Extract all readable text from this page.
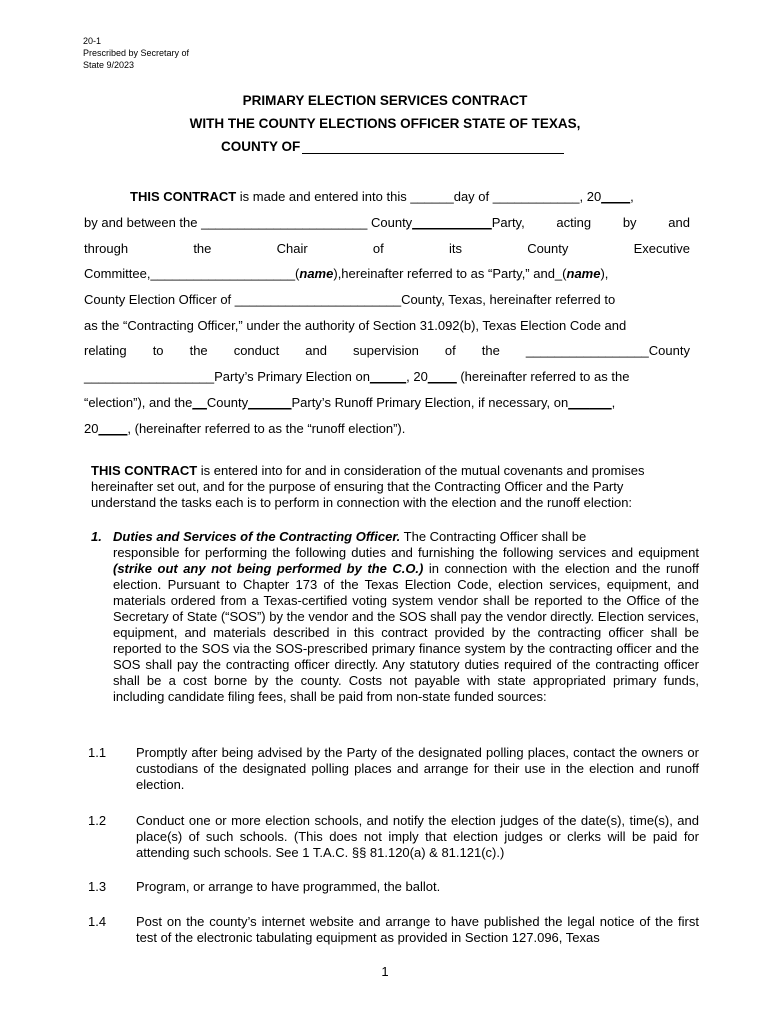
20-1
Prescribed by Secretary of
State 9/2023
PRIMARY ELECTION SERVICES CONTRACT
WITH THE COUNTY ELECTIONS OFFICER STATE OF TEXAS,
COUNTY OF
THIS CONTRACT is made and entered into this ______day of ____________, 20____,
by and between the _______________________ County___________Party, acting by and
through	the	Chair	of	its	County	Executive
Committee,____________________(name),hereinafter referred to as “Party,” and_(name),
County Election Officer of _______________________County, Texas, hereinafter referred to
as the “Contracting Officer,” under the authority of Section 31.092(b), Texas Election Code and
relating to the conduct and supervision of the _________________County
__________________Party’s Primary Election on_____, 20____ (hereinafter referred to as the
“election”), and the__County______Party’s Runoff Primary Election, if necessary, on______,
20____, (hereinafter referred to as the “runoff election”).
THIS CONTRACT is entered into for and in consideration of the mutual covenants and promises hereinafter set out, and for the purpose of ensuring that the Contracting Officer and the Party understand the tasks each is to perform in connection with the election and the runoff election:
1. Duties and Services of the Contracting Officer. The Contracting Officer shall be
responsible for performing the following duties and furnishing the following services and equipment (strike out any not being performed by the C.O.) in connection with the election and the runoff election. Pursuant to Chapter 173 of the Texas Election Code, election services, equipment, and materials ordered from a Texas-certified voting system vendor shall be reported to the Office of the Secretary of State (“SOS”) by the vendor and the SOS shall pay the vendor directly. Election services, equipment, and materials described in this contract provided by the contracting officer shall be reported to the SOS via the SOS-prescribed primary finance system by the contracting officer and the SOS shall pay the contracting officer directly. Any statutory duties required of the contracting officer shall be a cost borne by the county. Costs not payable with state appropriated primary funds, including candidate filing fees, shall be paid from non-state funded sources:
1.1	Promptly after being advised by the Party of the designated polling places, contact the owners or custodians of the designated polling places and arrange for their use in the election and runoff election.
1.2	Conduct one or more election schools, and notify the election judges of the date(s), time(s), and place(s) of such schools. (This does not imply that election judges or clerks will be paid for attending such schools. See 1 T.A.C. §§ 81.120(a) & 81.121(c).)
1.3	Program, or arrange to have programmed, the ballot.
1.4	Post on the county’s internet website and arrange to have published the legal notice of the first test of the electronic tabulating equipment as provided in Section 127.096, Texas
1
